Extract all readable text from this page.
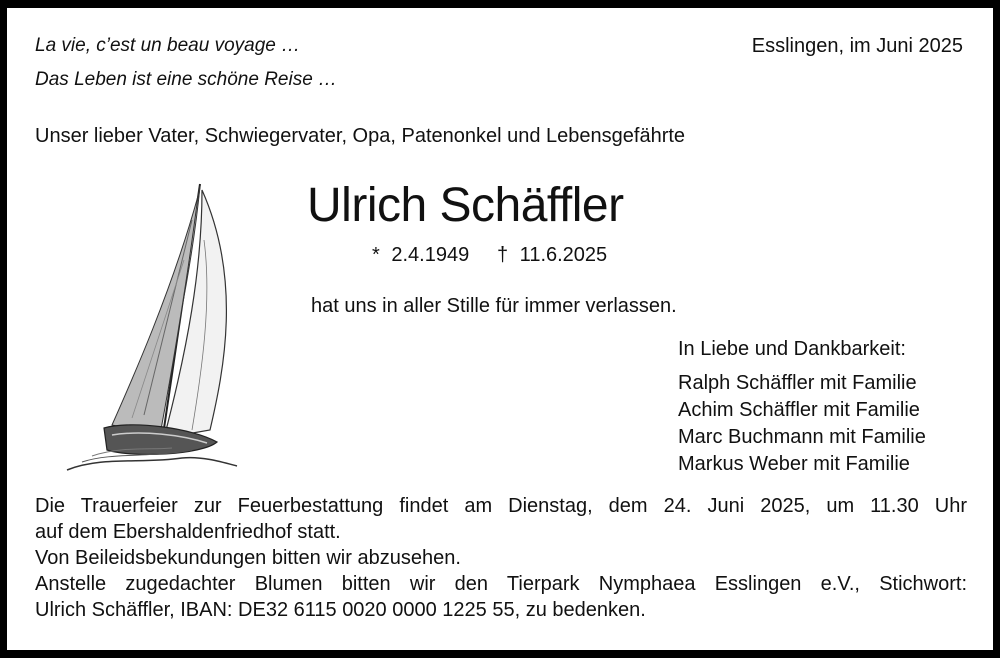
La vie, c’est un beau voyage …
Das Leben ist eine schöne Reise …
Esslingen, im Juni 2025
Unser lieber Vater, Schwiegervater, Opa, Patenonkel und Lebensgefährte
Ulrich Schäffler
* 2.4.1949 † 11.6.2025
hat uns in aller Stille für immer verlassen.
In Liebe und Dankbarkeit:
Ralph Schäffler mit Familie
Achim Schäffler mit Familie
Marc Buchmann mit Familie
Markus Weber mit Familie
Die Trauerfeier zur Feuerbestattung findet am Dienstag, dem 24. Juni 2025, um 11.30 Uhr
auf dem Ebershaldenfriedhof statt.
Von Beileidsbekundungen bitten wir abzusehen.
Anstelle zugedachter Blumen bitten wir den Tierpark Nymphaea Esslingen e.V., Stichwort:
Ulrich Schäffler, IBAN: DE32 6115 0020 0000 1225 55, zu bedenken.
